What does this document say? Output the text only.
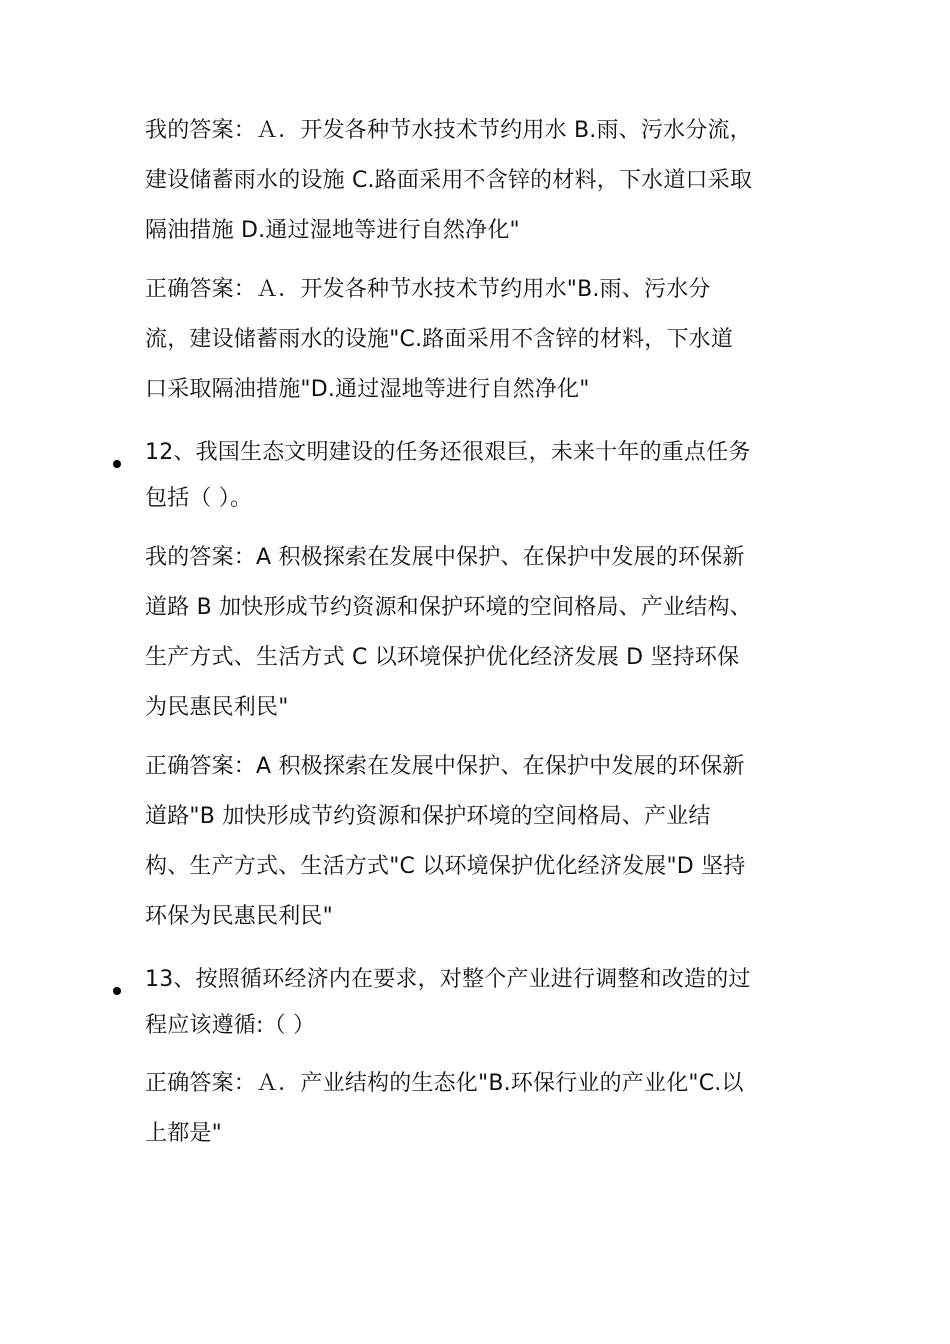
我的答案：Ａ．开发各种节水技术节约用水 B.雨、污水分流，
建设储蓄雨水的设施 C.路面采用不含锌的材料，下水道口采取
隔油措施 D.通过湿地等进行自然净化"

正确答案：Ａ．开发各种节水技术节约用水"B.雨、污水分
流，建设储蓄雨水的设施"C.路面采用不含锌的材料，下水道
口采取隔油措施"D.通过湿地等进行自然净化"

12、我国生态文明建设的任务还很艰巨，未来十年的重点任务
包括（ ）。

我的答案：A 积极探索在发展中保护、在保护中发展的环保新
道路 B 加快形成节约资源和保护环境的空间格局、产业结构、
生产方式、生活方式 C 以环境保护优化经济发展 D 坚持环保
为民惠民利民"

正确答案：A 积极探索在发展中保护、在保护中发展的环保新
道路"B 加快形成节约资源和保护环境的空间格局、产业结
构、生产方式、生活方式"C 以环境保护优化经济发展"D 坚持
环保为民惠民利民"

13、按照循环经济内在要求，对整个产业进行调整和改造的过
程应该遵循:（ ）

正确答案：Ａ．产业结构的生态化"B.环保行业的产业化"C.以
上都是"
